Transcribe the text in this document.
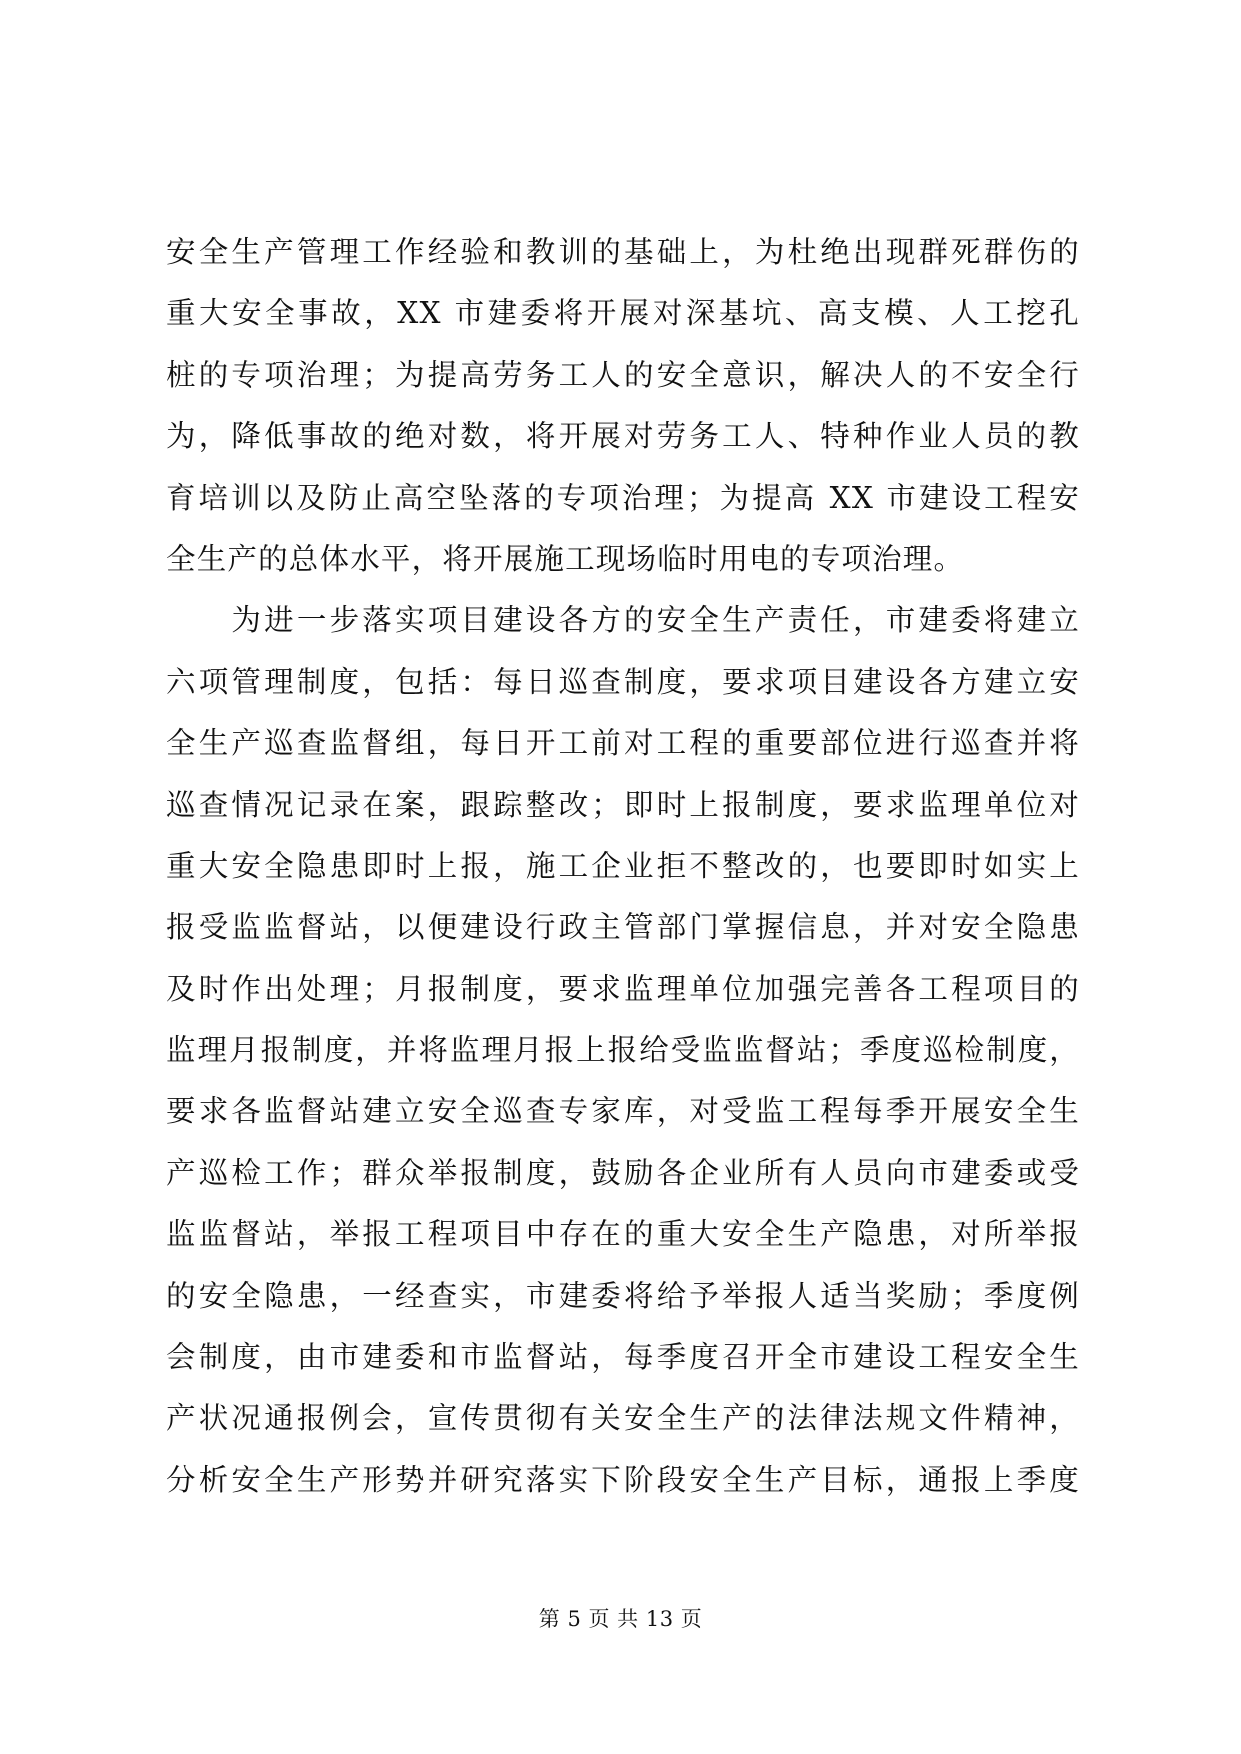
安全生产管理工作经验和教训的基础上，为杜绝出现群死群伤的
重大安全事故，XX 市建委将开展对深基坑、高支模、人工挖孔
桩的专项治理；为提高劳务工人的安全意识，解决人的不安全行
为，降低事故的绝对数，将开展对劳务工人、特种作业人员的教
育培训以及防止高空坠落的专项治理；为提高 XX 市建设工程安
全生产的总体水平，将开展施工现场临时用电的专项治理。
　　为进一步落实项目建设各方的安全生产责任，市建委将建立
六项管理制度，包括：每日巡查制度，要求项目建设各方建立安
全生产巡查监督组，每日开工前对工程的重要部位进行巡查并将
巡查情况记录在案，跟踪整改；即时上报制度，要求监理单位对
重大安全隐患即时上报，施工企业拒不整改的，也要即时如实上
报受监监督站，以便建设行政主管部门掌握信息，并对安全隐患
及时作出处理；月报制度，要求监理单位加强完善各工程项目的
监理月报制度，并将监理月报上报给受监监督站；季度巡检制度，
要求各监督站建立安全巡查专家库，对受监工程每季开展安全生
产巡检工作；群众举报制度，鼓励各企业所有人员向市建委或受
监监督站，举报工程项目中存在的重大安全生产隐患，对所举报
的安全隐患，一经查实，市建委将给予举报人适当奖励；季度例
会制度，由市建委和市监督站，每季度召开全市建设工程安全生
产状况通报例会，宣传贯彻有关安全生产的法律法规文件精神，
分析安全生产形势并研究落实下阶段安全生产目标，通报上季度
第 5 页 共 13 页
